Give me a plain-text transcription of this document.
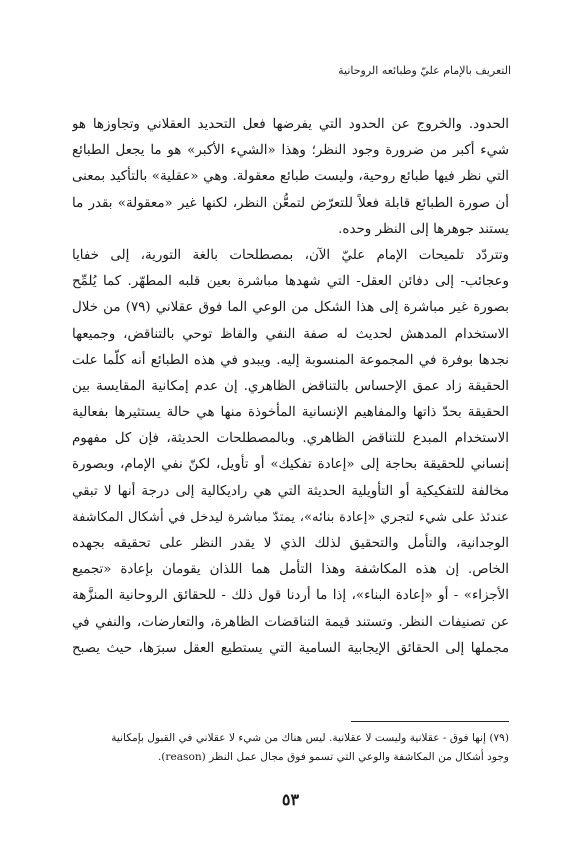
التعريف بالإمام عليّ وطبائعه الروحانية
الحدود. والخروج عن الحدود التي يفرضها فعل التحديد العقلاني وتجاوزها هو
شيء أكبر من ضرورة وجود النظر؛ وهذا «الشيء الأكبر» هو ما يجعل الطبائع
التي نظر فيها طبائع روحية، وليست طبائع معقولة. وهي «عقلية» بالتأكيد بمعنى
أن صورة الطبائع قابلة فعلاً للتعرّض لتمعُّن النظر، لكنها غير «معقولة» بقدر ما
يستند جوهرها إلى النظر وحده.
وتتردّد تلميحات الإمام عليّ الآن، بمصطلحات بالغة التورية، إلى خفايا
وعجائب- إلى دفائن العقل- التي شهدها مباشرة بعين قلبه المطهّر. كما يُلمِّح
بصورة غير مباشرة إلى هذا الشكل من الوعي الما فوق عقلاني (٧٩) من خلال
الاستخدام المدهش لحديث له صفة النفي والفاظ توحي بالتناقض، وجميعها
نجدها بوفرة في المجموعة المنسوبة إليه. ويبدو في هذه الطبائع أنه كلّما علت
الحقيقة زاد عمق الإحساس بالتناقض الظاهري. إن عدم إمكانية المقايسة بين
الحقيقة بحدّ ذاتها والمفاهيم الإنسانية المأخوذة منها هي حالة يستثيرها بفعالية
الاستخدام المبدع للتناقض الظاهري. وبالمصطلحات الحديثة، فإن كل مفهوم
إنساني للحقيقة بحاجة إلى «إعادة تفكيك» أو تأويل، لكنّ نفي الإمام، وبصورة
مخالفة للتفكيكية أو التأويلية الحديثة التي هي راديكالية إلى درجة أنها لا تبقي
عندئذ على شيء لتجري «إعادة بنائه»، يمتدّ مباشرة ليدخل في أشكال المكاشفة
الوجدانية، والتأمل والتحقيق لذلك الذي لا يقدر النظر على تحقيقه بجهده
الخاص. إن هذه المكاشفة وهذا التأمل هما اللذان يقومان بإعادة «تجميع
الأجزاء» - أو «إعادة البناء»، إذا ما أردنا قول ذلك - للحقائق الروحانية المنزَّهة
عن تصنيفات النظر. وتستند قيمة التناقضات الظاهرة، والتعارضات، والنفي في
مجملها إلى الحقائق الإيجابية السامية التي يستطيع العقل سبرَها، حيث يصبح
(٧٩) إنها فوق - عقلانية وليست لا عقلانية. ليس هناك من شيء لا عقلاني في القبول بإمكانية
وجود أشكال من المكاشفة والوعي التي تسمو فوق مجال عمل النظر (reason).
٥٣
